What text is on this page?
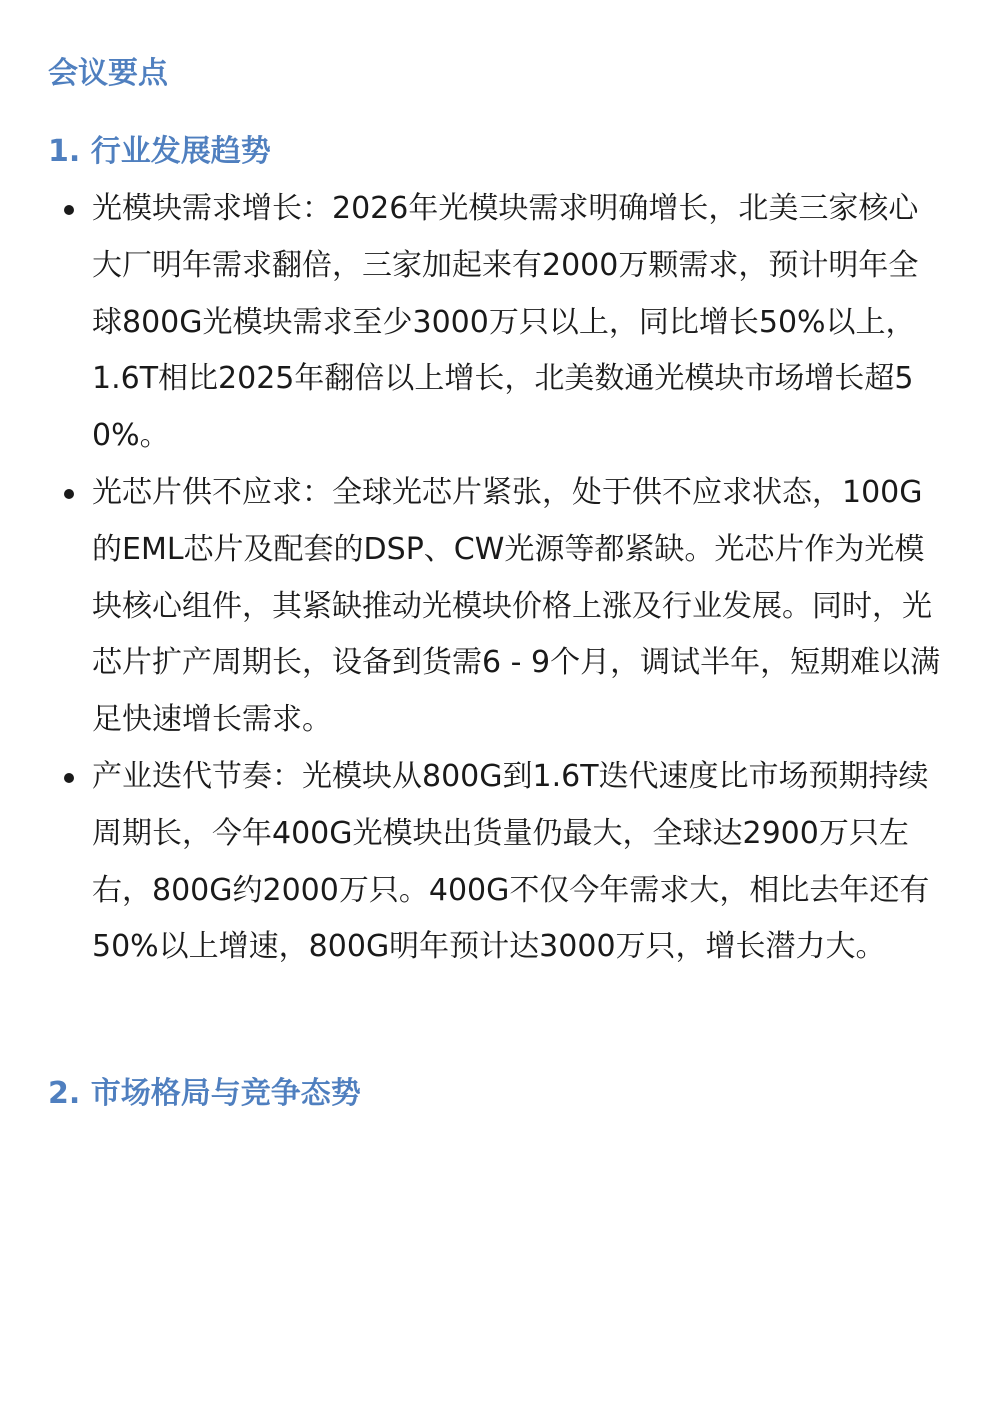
会议要点
1. 行业发展趋势
光模块需求增长：2026年光模块需求明确增长，北美三家核心大厂明年需求翻倍，三家加起来有2000万颗需求，预计明年全球800G光模块需求至少3000万只以上，同比增长50%以上，1.6T相比2025年翻倍以上增长，北美数通光模块市场增长超50%。
光芯片供不应求：全球光芯片紧张，处于供不应求状态，100G的EML芯片及配套的DSP、CW光源等都紧缺。光芯片作为光模块核心组件，其紧缺推动光模块价格上涨及行业发展。同时，光芯片扩产周期长，设备到货需6 - 9个月，调试半年，短期难以满足快速增长需求。
产业迭代节奏：光模块从800G到1.6T迭代速度比市场预期持续周期长，今年400G光模块出货量仍最大，全球达2900万只左右，800G约2000万只。400G不仅今年需求大，相比去年还有50%以上增速，800G明年预计达3000万只，增长潜力大。
2. 市场格局与竞争态势
